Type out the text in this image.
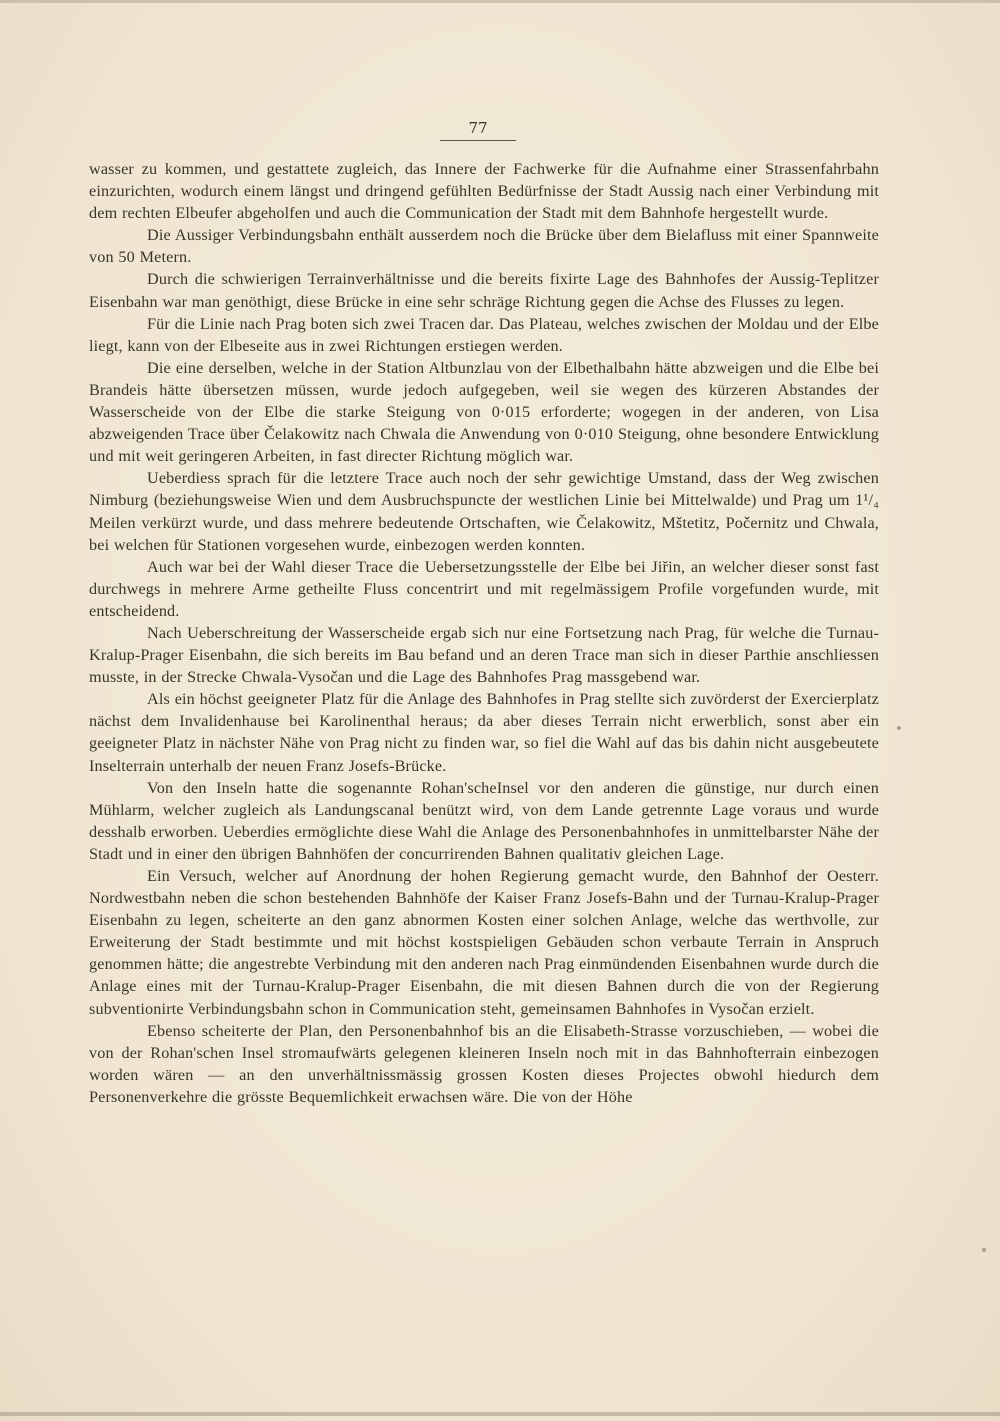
77

wasser zu kommen, und gestattete zugleich, das Innere der Fachwerke für die Aufnahme einer Strassenfahrbahn einzurichten, wodurch einem längst und dringend gefühlten Bedürfnisse der Stadt Aussig nach einer Verbindung mit dem rechten Elbeufer abgeholfen und auch die Communication der Stadt mit dem Bahnhofe hergestellt wurde.

Die Aussiger Verbindungsbahn enthält ausserdem noch die Brücke über dem Bielafluss mit einer Spannweite von 50 Metern.

Durch die schwierigen Terrainverhältnisse und die bereits fixirte Lage des Bahnhofes der Aussig-Teplitzer Eisenbahn war man genöthigt, diese Brücke in eine sehr schräge Richtung gegen die Achse des Flusses zu legen.

Für die Linie nach Prag boten sich zwei Tracen dar. Das Plateau, welches zwischen der Moldau und der Elbe liegt, kann von der Elbeseite aus in zwei Richtungen erstiegen werden.

Die eine derselben, welche in der Station Altbunzlau von der Elbethalbahn hätte abzweigen und die Elbe bei Brandeis hätte übersetzen müssen, wurde jedoch aufgegeben, weil sie wegen des kürzeren Abstandes der Wasserscheide von der Elbe die starke Steigung von 0·015 erforderte; wogegen in der anderen, von Lisa abzweigenden Trace über Čelakowitz nach Chwala die Anwendung von 0·010 Steigung, ohne besondere Entwicklung und mit weit geringeren Arbeiten, in fast directer Richtung möglich war.

Ueberdiess sprach für die letztere Trace auch noch der sehr gewichtige Umstand, dass der Weg zwischen Nimburg (beziehungsweise Wien und dem Ausbruchspuncte der westlichen Linie bei Mittelwalde) und Prag um 1¹/₄ Meilen verkürzt wurde, und dass mehrere bedeutende Ortschaften, wie Čelakowitz, Mštetitz, Počernitz und Chwala, bei welchen für Stationen vorgesehen wurde, einbezogen werden konnten.

Auch war bei der Wahl dieser Trace die Uebersetzungsstelle der Elbe bei Jiřin, an welcher dieser sonst fast durchwegs in mehrere Arme getheilte Fluss concentrirt und mit regelmässigem Profile vorgefunden wurde, mit entscheidend.

Nach Ueberschreitung der Wasserscheide ergab sich nur eine Fortsetzung nach Prag, für welche die Turnau-Kralup-Prager Eisenbahn, die sich bereits im Bau befand und an deren Trace man sich in dieser Parthie anschliessen musste, in der Strecke Chwala-Vysočan und die Lage des Bahnhofes Prag massgebend war.

Als ein höchst geeigneter Platz für die Anlage des Bahnhofes in Prag stellte sich zuvörderst der Exercierplatz nächst dem Invalidenhause bei Karolinenthal heraus; da aber dieses Terrain nicht erwerblich, sonst aber ein geeigneter Platz in nächster Nähe von Prag nicht zu finden war, so fiel die Wahl auf das bis dahin nicht ausgebeutete Inselterrain unterhalb der neuen Franz Josefs-Brücke.

Von den Inseln hatte die sogenannte Rohan'scheInsel vor den anderen die günstige, nur durch einen Mühlarm, welcher zugleich als Landungscanal benützt wird, von dem Lande getrennte Lage voraus und wurde desshalb erworben. Ueberdies ermöglichte diese Wahl die Anlage des Personenbahnhofes in unmittelbarster Nähe der Stadt und in einer den übrigen Bahnhöfen der concurrirenden Bahnen qualitativ gleichen Lage.

Ein Versuch, welcher auf Anordnung der hohen Regierung gemacht wurde, den Bahnhof der Oesterr. Nordwestbahn neben die schon bestehenden Bahnhöfe der Kaiser Franz Josefs-Bahn und der Turnau-Kralup-Prager Eisenbahn zu legen, scheiterte an den ganz abnormen Kosten einer solchen Anlage, welche das werthvolle, zur Erweiterung der Stadt bestimmte und mit höchst kostspieligen Gebäuden schon verbaute Terrain in Anspruch genommen hätte; die angestrebte Verbindung mit den anderen nach Prag einmündenden Eisenbahnen wurde durch die Anlage eines mit der Turnau-Kralup-Prager Eisenbahn, die mit diesen Bahnen durch die von der Regierung subventionirte Verbindungsbahn schon in Communication steht, gemeinsamen Bahnhofes in Vysočan erzielt.

Ebenso scheiterte der Plan, den Personenbahnhof bis an die Elisabeth-Strasse vorzuschieben, — wobei die von der Rohan'schen Insel stromaufwärts gelegenen kleineren Inseln noch mit in das Bahnhofterrain einbezogen worden wären — an den unverhältnissmässig grossen Kosten dieses Projectes obwohl hiedurch dem Personenverkehre die grösste Bequemlichkeit erwachsen wäre. Die von der Höhe
